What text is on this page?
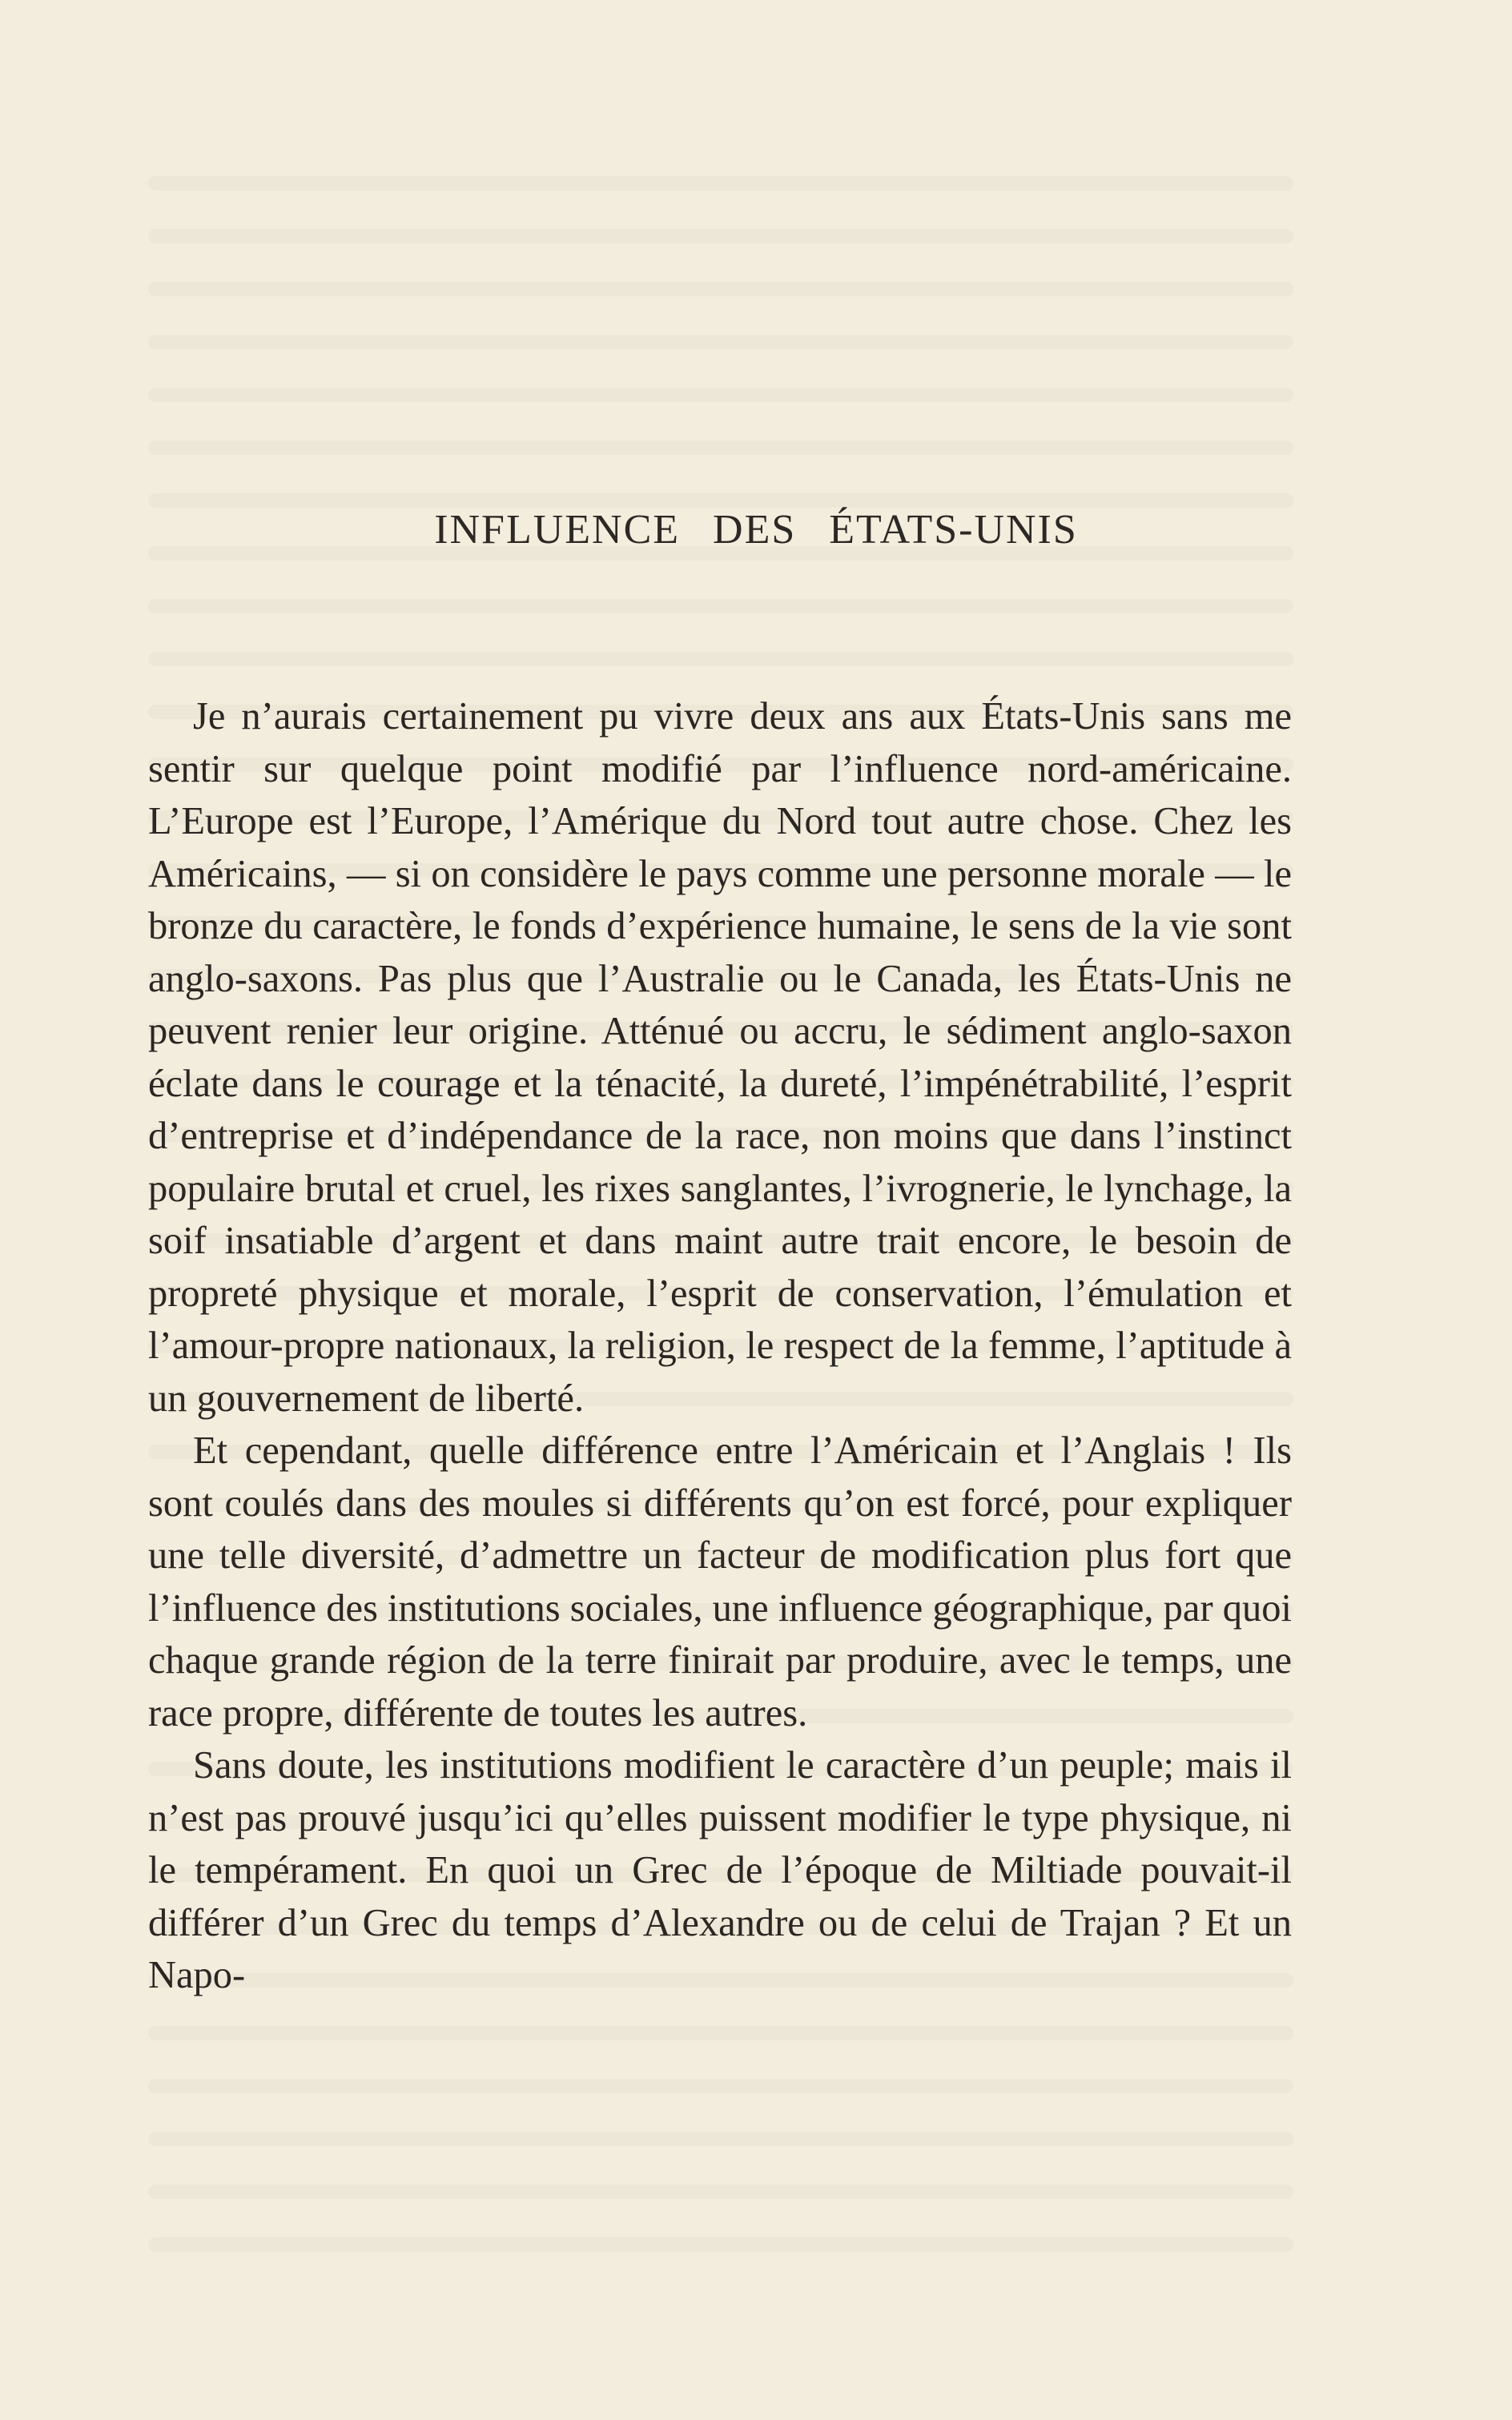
INFLUENCE DES ÉTATS-UNIS

Je n’aurais certainement pu vivre deux ans aux États-Unis sans me sentir sur quelque point modifié par l’influence nord-américaine. L’Europe est l’Europe, l’Amérique du Nord tout autre chose. Chez les Américains, — si on considère le pays comme une personne morale — le bronze du caractère, le fonds d’expérience humaine, le sens de la vie sont anglo-saxons. Pas plus que l’Australie ou le Canada, les États-Unis ne peuvent renier leur origine. Atténué ou accru, le sédiment anglo-saxon éclate dans le courage et la ténacité, la dureté, l’impénétrabilité, l’esprit d’entreprise et d’indépendance de la race, non moins que dans l’instinct populaire brutal et cruel, les rixes sanglantes, l’ivrognerie, le lynchage, la soif insatiable d’argent et dans maint autre trait encore, le besoin de propreté physique et morale, l’esprit de conservation, l’émulation et l’amour-propre nationaux, la religion, le respect de la femme, l’aptitude à un gouvernement de liberté.

Et cependant, quelle différence entre l’Américain et l’Anglais ! Ils sont coulés dans des moules si différents qu’on est forcé, pour expliquer une telle diversité, d’admettre un facteur de modification plus fort que l’influence des institutions sociales, une influence géographique, par quoi chaque grande région de la terre finirait par produire, avec le temps, une race propre, différente de toutes les autres.

Sans doute, les institutions modifient le caractère d’un peuple; mais il n’est pas prouvé jusqu’ici qu’elles puissent modifier le type physique, ni le tempérament. En quoi un Grec de l’époque de Miltiade pouvait-il différer d’un Grec du temps d’Alexandre ou de celui de Trajan ? Et un Napo-
